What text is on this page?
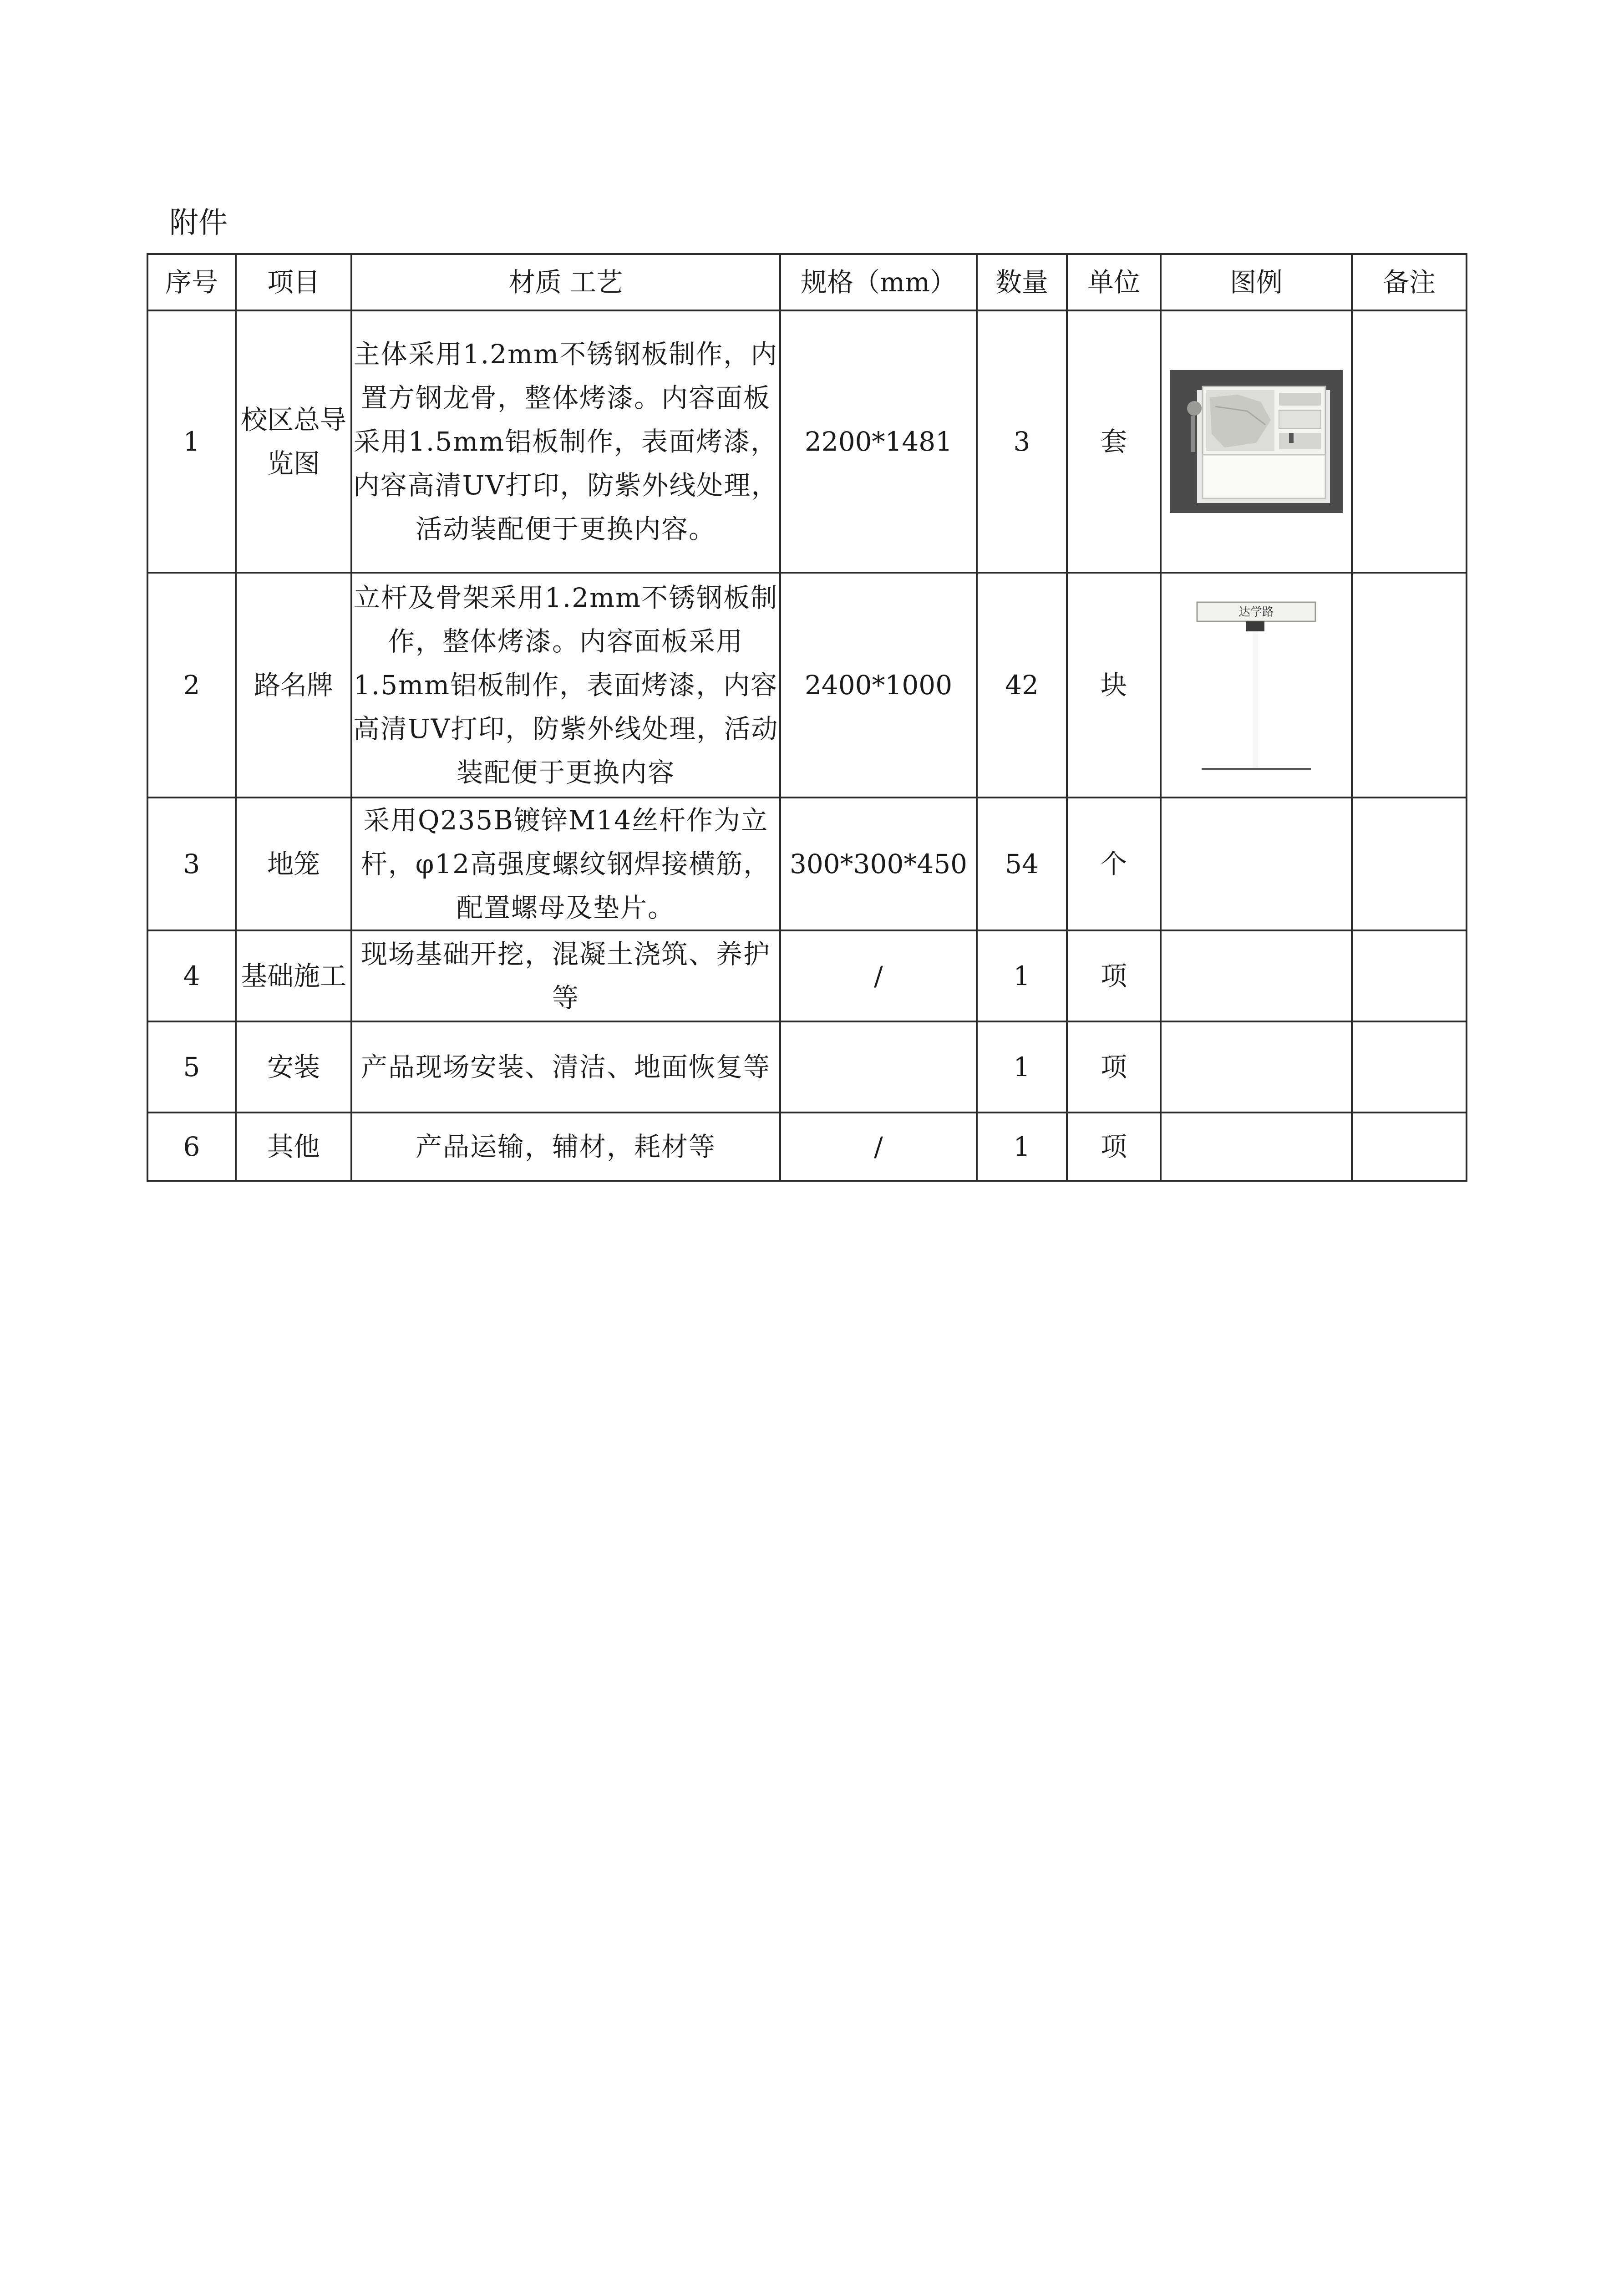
附件
序号	项目	材质 工艺	规格（mm）	数量	单位	图例	备注
1	校区总导览图	主体采用1.2mm不锈钢板制作，内置方钢龙骨，整体烤漆。内容面板采用1.5mm铝板制作，表面烤漆，内容高清UV打印，防紫外线处理，活动装配便于更换内容。	2200*1481	3	套	

2	路名牌	立杆及骨架采用1.2mm不锈钢板制作，整体烤漆。内容面板采用1.5mm铝板制作，表面烤漆，内容高清UV打印，防紫外线处理，活动装配便于更换内容	2400*1000	42	块	达学路	

3	地笼	采用Q235B镀锌M14丝杆作为立杆，φ12高强度螺纹钢焊接横筋，配置螺母及垫片。	300*300*450	54	个		
4	基础施工	现场基础开挖，混凝土浇筑、养护等	/	1	项		
5	安装	产品现场安装、清洁、地面恢复等		1	项		
6	其他	产品运输，辅材，耗材等	/	1	项		
